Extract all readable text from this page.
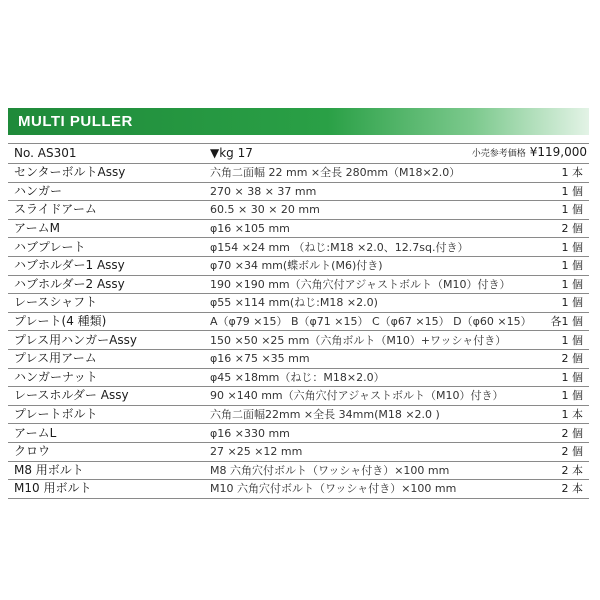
MULTI PULLER
No. AS301	▼kg 17 小売参考価格 ¥119,000	

センターボルトAssy	六角二面幅 22 mm ×全長 280mm（M18×2.0）	1 本
ハンガー	270 × 38 × 37 mm	1 個
スライドアーム	60.5 × 30 × 20 mm	1 個
アームM	φ16 ×105 mm	2 個
ハブプレート	φ154 ×24 mm （ねじ:M18 ×2.0、12.7sq.付き）	1 個
ハブホルダー1 Assy	φ70 ×34 mm(蝶ボルト(M6)付き)	1 個
ハブホルダー2 Assy	190 ×190 mm（六角穴付アジャストボルト（M10）付き）	1 個
レースシャフト	φ55 ×114 mm(ねじ:M18 ×2.0)	1 個
プレート(4 種類)	A（φ79 ×15） B（φ71 ×15） C（φ67 ×15） D（φ60 ×15）	各1 個
プレス用ハンガーAssy	150 ×50 ×25 mm（六角ボルト（M10）+ワッシャ付き）	1 個
プレス用アーム	φ16 ×75 ×35 mm	2 個
ハンガーナット	φ45 ×18mm（ねじ：M18×2.0）	1 個
レースホルダー Assy	90 ×140 mm（六角穴付アジャストボルト（M10）付き）	1 個
プレートボルト	六角二面幅22mm ×全長 34mm(M18 ×2.0 )	1 本
アームL	φ16 ×330 mm	2 個
クロウ	27 ×25 ×12 mm	2 個
M8 用ボルト	M8 六角穴付ボルト（ワッシャ付き）×100 mm	2 本
M10 用ボルト	M10 六角穴付ボルト（ワッシャ付き）×100 mm	2 本
